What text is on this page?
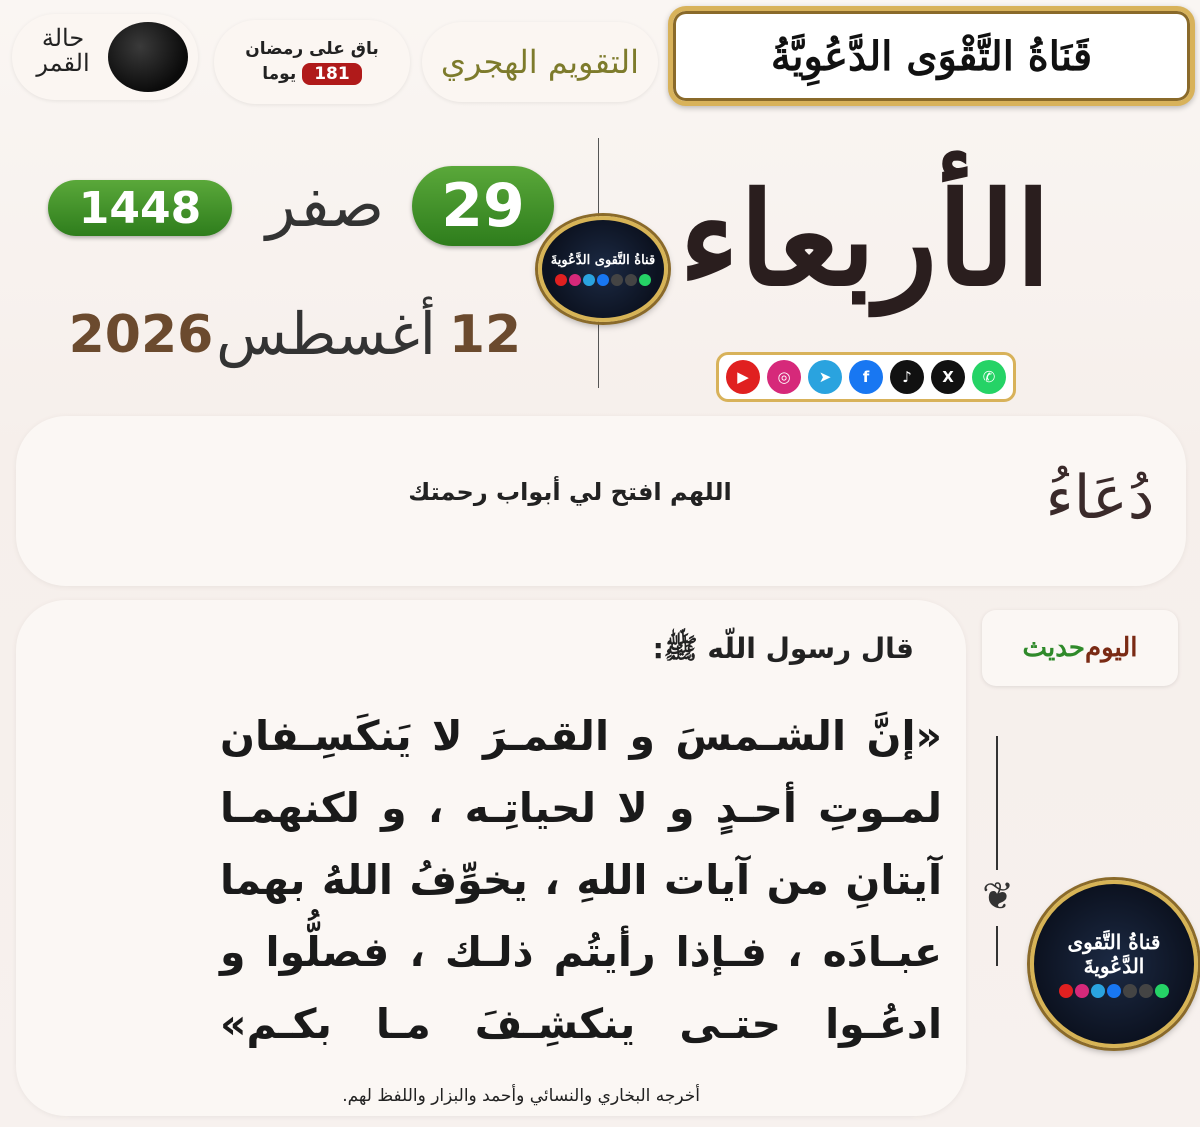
قَنَاةُ التَّقْوَى الدَّعُوِيَّةُ
التقويم الهجري
باق على رمضان
181
يوما
حالة القمر
الأربعاء
29
صفر
1448
12
أغسطس
2026
قناةُ التَّقوى الدَّعُويةَ
▶	◎	➤	f	♪	X	✆
دُعَاءُ
اللهم افتح لي أبواب رحمتك
حديث اليوم
قال رسول اللّه ﷺ:
«إنَّ الشـمسَ و القمـرَ لا يَنكَسِـفان
لمـوتِ أحـدٍ و لا لحياتِـه ، و لكنهمـا
آيتانِ من آيات اللهِ ، يخوِّفُ اللهُ بهما
عبـادَه ، فـإذا رأيتُم ذلـك ، فصلُّوا و
ادعُـوا حتـى ينكشِـفَ مـا بكـم»
أخرجه البخاري والنسائي وأحمد والبزار واللفظ لهم.
❦
قناةُ التَّقوى الدَّعُويةَ
